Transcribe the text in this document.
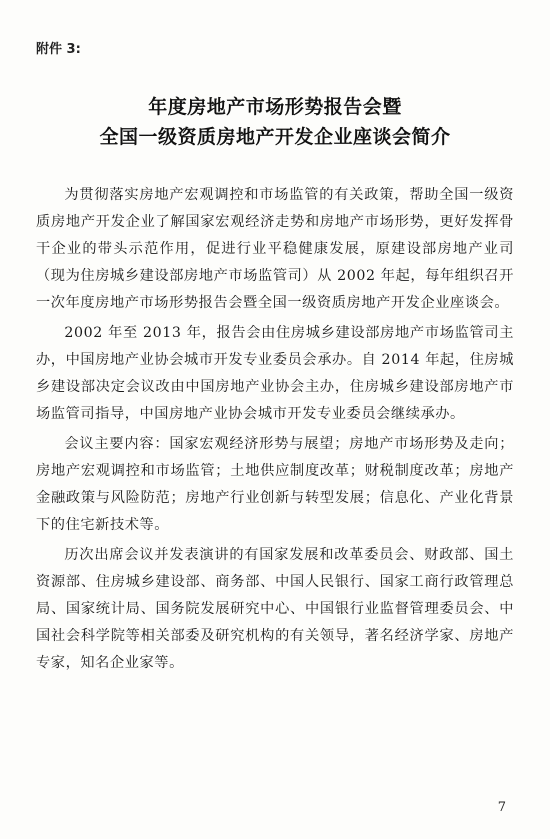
附件 3:
年度房地产市场形势报告会暨
全国一级资质房地产开发企业座谈会简介

为贯彻落实房地产宏观调控和市场监管的有关政策，帮助全国一级资质房地产开发企业了解国家宏观经济走势和房地产市场形势，更好发挥骨干企业的带头示范作用，促进行业平稳健康发展，原建设部房地产业司（现为住房城乡建设部房地产市场监管司）从 2002 年起，每年组织召开一次年度房地产市场形势报告会暨全国一级资质房地产开发企业座谈会。

2002 年至 2013 年，报告会由住房城乡建设部房地产市场监管司主办，中国房地产业协会城市开发专业委员会承办。自 2014 年起，住房城乡建设部决定会议改由中国房地产业协会主办，住房城乡建设部房地产市场监管司指导，中国房地产业协会城市开发专业委员会继续承办。

会议主要内容：国家宏观经济形势与展望；房地产市场形势及走向；房地产宏观调控和市场监管；土地供应制度改革；财税制度改革；房地产金融政策与风险防范；房地产行业创新与转型发展；信息化、产业化背景下的住宅新技术等。

历次出席会议并发表演讲的有国家发展和改革委员会、财政部、国土资源部、住房城乡建设部、商务部、中国人民银行、国家工商行政管理总局、国家统计局、国务院发展研究中心、中国银行业监督管理委员会、中国社会科学院等相关部委及研究机构的有关领导，著名经济学家、房地产专家，知名企业家等。

7
